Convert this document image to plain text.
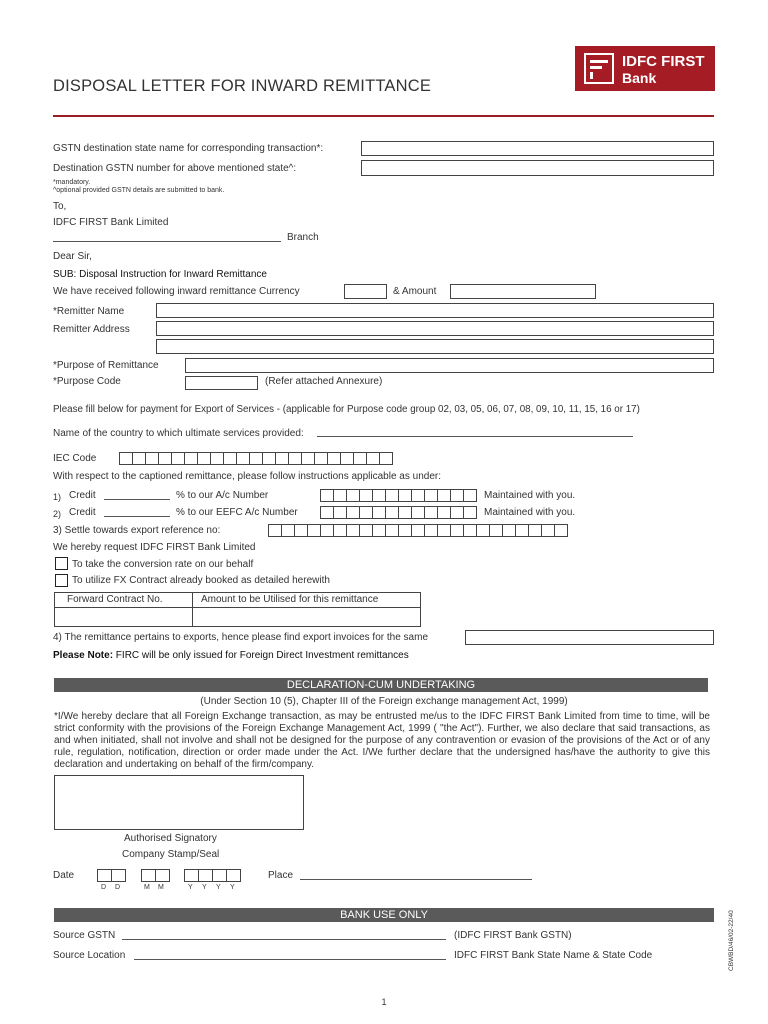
DISPOSAL LETTER FOR INWARD REMITTANCE
IDFC FIRST
Bank
GSTN destination state name for corresponding transaction*:
Destination GSTN number for above mentioned state^:
*mandatory.
^optional provided GSTN details are submitted to bank.
To,
IDFC FIRST Bank Limited
Branch
Dear Sir,
SUB: Disposal Instruction for Inward Remittance
We have received following inward remittance Currency	& Amount
*Remitter Name
Remitter Address
*Purpose of Remittance
*Purpose Code	(Refer attached Annexure)
Please fill below for payment for Export of Services - (applicable for Purpose code group 02, 03, 05, 06, 07, 08, 09, 10, 11, 15, 16 or 17)
Name of the country to which ultimate services provided:
IEC Code
With respect to the captioned remittance, please follow instructions applicable as under:
1) Credit	% to our A/c Number	Maintained with you.
2) Credit	% to our EEFC A/c Number	Maintained with you.
3) Settle towards export reference no:
We hereby request IDFC FIRST Bank Limited
To take the conversion rate on our behalf
To utilize FX Contract already booked as detailed herewith
Forward Contract No.	Amount to be Utilised for this remittance
4) The remittance pertains to exports, hence please find export invoices for the same
Please Note: FIRC will be only issued for Foreign Direct Investment remittances
DECLARATION-CUM UNDERTAKING
(Under Section 10 (5), Chapter III of the Foreign exchange management Act, 1999)
*I/We hereby declare that all Foreign Exchange transaction, as may be entrusted me/us to the IDFC FIRST Bank Limited from time to time, will be strict conformity with the provisions of the Foreign Exchange Management Act, 1999 ( "the Act"). Further, we also declare that said transactions, as and when initiated, shall not involve and shall not be designed for the purpose of any contravention or evasion of the provisions of the Act or of any rule, regulation, notification, direction or order made under the Act. I/We further declare that the undersigned has/have the authority to give this declaration and undertaking on behalf of the firm/company.
Authorised Signatory
Company Stamp/Seal
Date
D D	M M	Y Y Y Y
Place
BANK USE ONLY
Source GSTN	(IDFC FIRST Bank GSTN)
Source Location	IDFC FIRST Bank State Name & State Code	CBWBD/46/02-22/40
1
